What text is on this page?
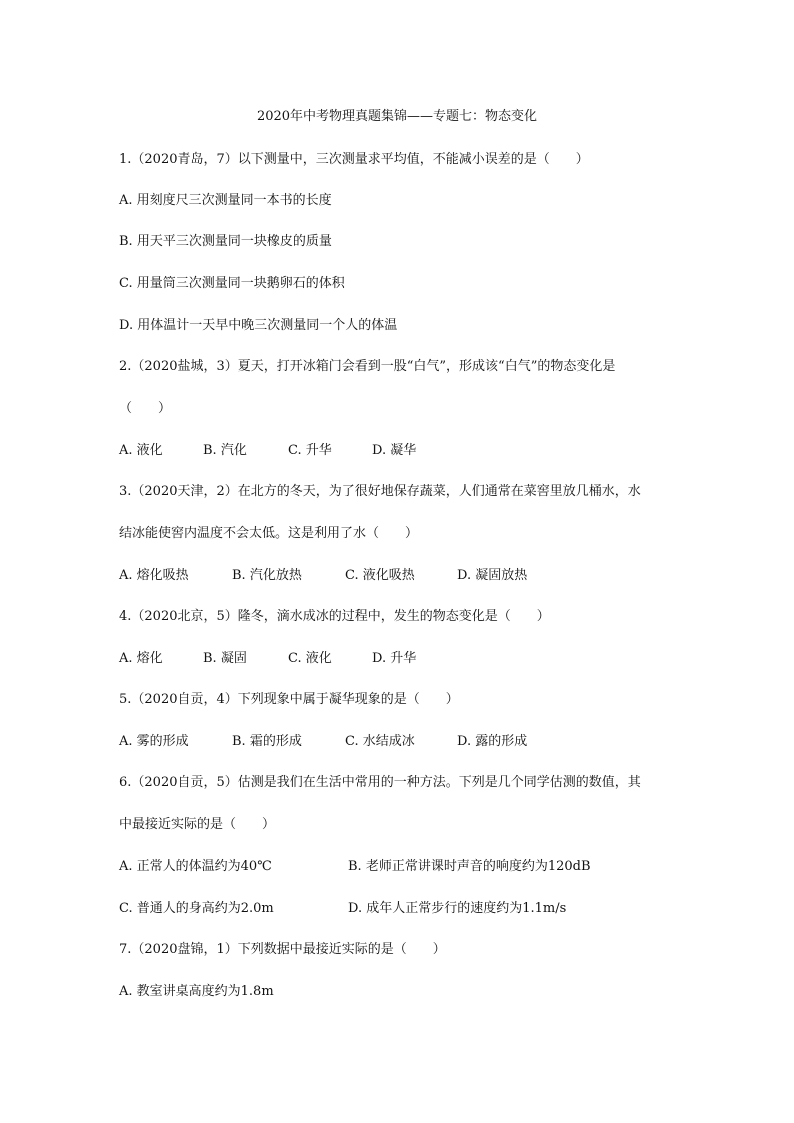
2020年中考物理真题集锦——专题七：物态变化
1.（2020青岛，7）以下测量中，三次测量求平均值，不能减小误差的是（　　）
A. 用刻度尺三次测量同一本书的长度
B. 用天平三次测量同一块橡皮的质量
C. 用量筒三次测量同一块鹅卵石的体积
D. 用体温计一天早中晚三次测量同一个人的体温
2.（2020盐城，3）夏天，打开冰箱门会看到一股“白气”，形成该“白气”的物态变化是
（　　）
A. 液化	B. 汽化	C. 升华	D. 凝华
3.（2020天津，2）在北方的冬天，为了很好地保存蔬菜，人们通常在菜窖里放几桶水，水
结冰能使窖内温度不会太低。这是利用了水（　　）
A. 熔化吸热	B. 汽化放热	C. 液化吸热	D. 凝固放热
4.（2020北京，5）隆冬，滴水成冰的过程中，发生的物态变化是（　　）
A. 熔化	B. 凝固	C. 液化	D. 升华
5.（2020自贡，4）下列现象中属于凝华现象的是（　　）
A. 雾的形成	B. 霜的形成	C. 水结成冰	D. 露的形成
6.（2020自贡，5）估测是我们在生活中常用的一种方法。下列是几个同学估测的数值，其
中最接近实际的是（　　）
A. 正常人的体温约为40℃	B. 老师正常讲课时声音的响度约为120dB
C. 普通人的身高约为2.0m	D. 成年人正常步行的速度约为1.1m/s
7.（2020盘锦，1）下列数据中最接近实际的是（　　）
A. 教室讲桌高度约为1.8m
